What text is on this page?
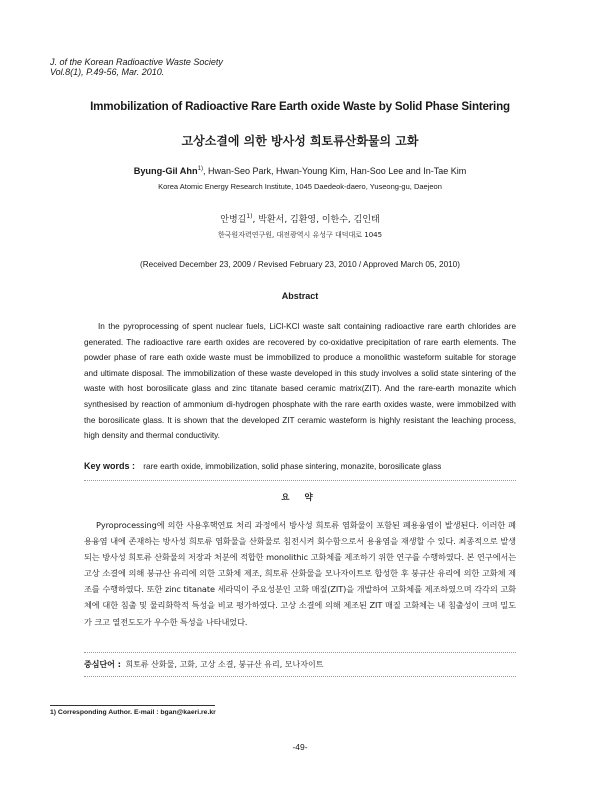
J. of the Korean Radioactive Waste Society
Vol.8(1), P.49-56, Mar. 2010.
Immobilization of Radioactive Rare Earth oxide Waste by Solid Phase Sintering
고상소결에 의한 방사성 희토류산화물의 고화
Byung-Gil Ahn$^{1)}$, Hwan-Seo Park, Hwan-Young Kim, Han-Soo Lee and In-Tae Kim
Korea Atomic Energy Research Institute, 1045 Daedeok-daero, Yuseong-gu, Daejeon
안병길$^{1)}$, 박환서, 김환영, 이한수, 김인태
한국원자력연구원, 대전광역시 유성구 대덕대로 1045
(Received December 23, 2009 / Revised February 23, 2010 / Approved March 05, 2010)
Abstract
In the pyroprocessing of spent nuclear fuels, LiCl-KCl waste salt containing radioactive rare earth chlorides are generated. The radioactive rare earth oxides are recovered by co-oxidative precipitation of rare earth elements. The powder phase of rare eath oxide waste must be immobilized to produce a monolithic wasteform suitable for storage and ultimate disposal. The immobilization of these waste developed in this study involves a solid state sintering of the waste with host borosilicate glass and zinc titanate based ceramic matrix(ZIT). And the rare-earth monazite which synthesised by reaction of ammonium di-hydrogen phosphate with the rare earth oxides waste, were immobilzed with the borosilicate glass. It is shown that the developed ZIT ceramic wasteform is highly resistant the leaching process, high density and thermal conductivity.
Key words : rare earth oxide, immobilization, solid phase sintering, monazite, borosilicate glass
요 약
Pyroprocessing에 의한 사용후핵연료 처리 과정에서 방사성 희토류 염화물이 포함된 폐용융염이 발생된다. 이러한 폐 용융염 내에 존재하는 방사성 희토류 염화물을 산화물로 침전시켜 회수함으로서 용융염을 재생할 수 있다. 최종적으로 발생되는 방사성 희토류 산화물의 저장과 처분에 적합한 monolithic 고화체를 제조하기 위한 연구를 수행하였다. 본 연구에서는 고상 소결에 의해 붕규산 유리에 의한 고화체 제조, 희토류 산화물을 모나자이트로 합성한 후 붕규산 유리에 의한 고화체 제조를 수행하였다. 또한 zinc titanate 세라믹이 주요성분인 고화 매질(ZIT)을 개발하여 고화체를 제조하였으며 각각의 고화체에 대한 침출 및 물리화학적 특성을 비교 평가하였다. 고상 소결에 의해 제조된 ZIT 매질 고화체는 내 침출성이 크며 밀도가 크고 열전도도가 우수한 특성을 나타내었다.
중심단어 : 희토류 산화물, 고화, 고상 소결, 붕규산 유리, 모나자이트
1) Corresponding Author. E-mail : bgan@kaeri.re.kr
-49-
